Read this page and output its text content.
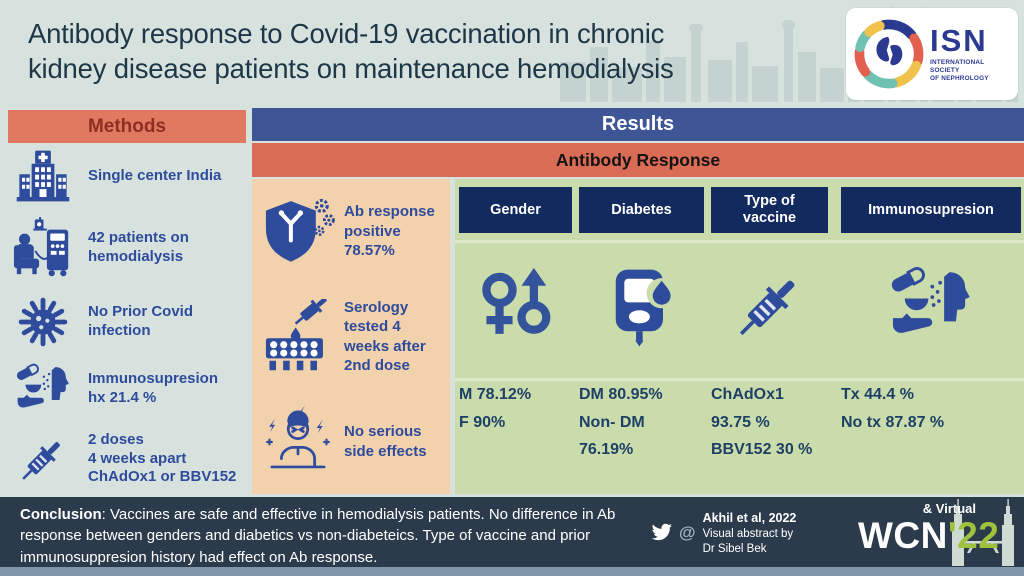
Antibody response to Covid-19 vaccination in chronic
kidney disease patients on maintenance hemodialysis
ISN
INTERNATIONAL SOCIETY
OF NEPHROLOGY
Methods
Single center India
42 patients on
hemodialysis
No Prior Covid
infection
Immunosupresion
hx 21.4 %
2 doses
4 weeks apart
ChAdOx1 or BBV152
Results
Antibody Response
Ab response
positive
78.57%
Serology
tested 4
weeks after
2nd dose
No serious
side effects
Gender
M 78.12%
F 90%
Diabetes
DM 80.95%
Non- DM
76.19%
Type of
vaccine
ChAdOx1
93.75 %
BBV152 30 %
Immunosupresion
Tx 44.4 %
No tx 87.87 %
Conclusion: Vaccines are safe and effective in hemodialysis patients. No difference in Ab response between genders and diabetics vs non-diabeteics. Type of vaccine and prior immunosuppresion history had effect on Ab response.
@
Akhil et al, 2022
Visual abstract by
Dr Sibel Bek
& Virtual
WCN'22
